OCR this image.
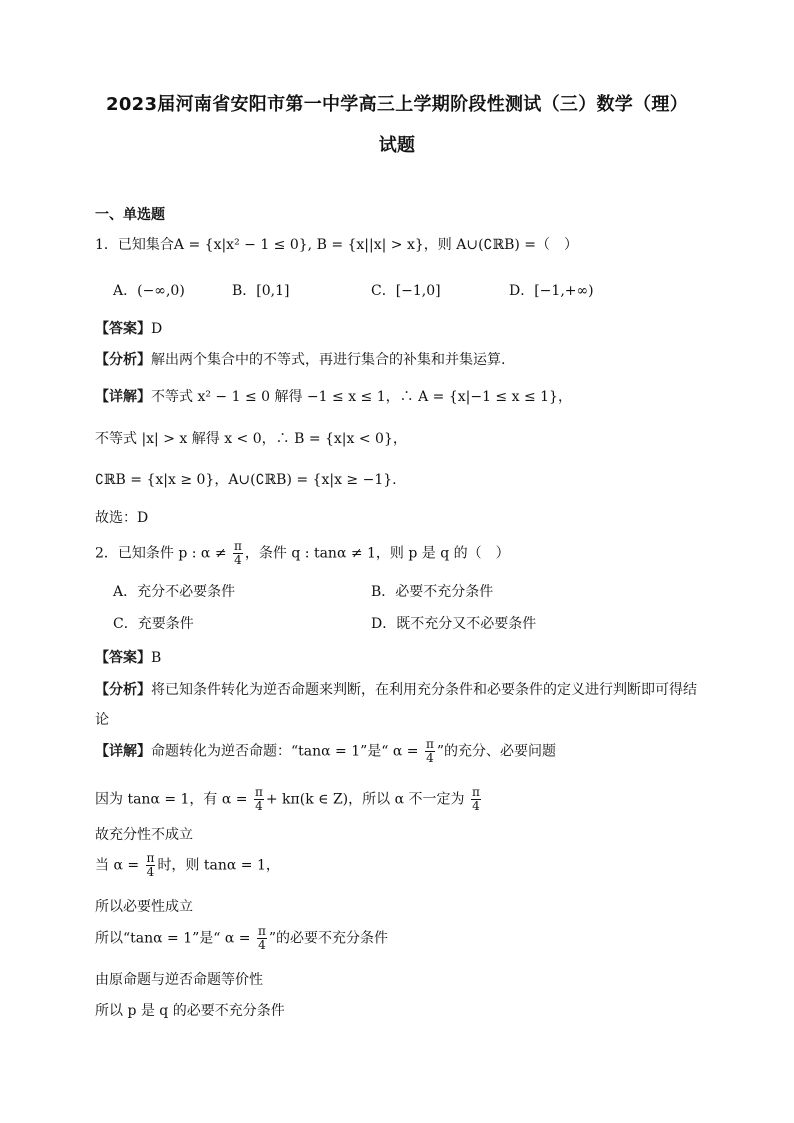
2023届河南省安阳市第一中学高三上学期阶段性测试（三）数学（理）
试题
一、单选题
1．已知集合A = {x|x² − 1 ≤ 0}, B = {x||x| > x}，则 A∪(∁ℝB) =（　）
A．(−∞,0)	B．[0,1]	C．[−1,0]	D．[−1,+∞)
【答案】D
【分析】解出两个集合中的不等式，再进行集合的补集和并集运算.
【详解】不等式 x² − 1 ≤ 0 解得 −1 ≤ x ≤ 1，∴ A = {x|−1 ≤ x ≤ 1}，
不等式 |x| > x 解得 x < 0，∴ B = {x|x < 0}，
∁ℝB = {x|x ≥ 0}，A∪(∁ℝB) = {x|x ≥ −1}.
故选：D
2．已知条件 p : $\alpha \ne \frac{\pi}{4}$ ，条件 q : tanα ≠ 1，则 p 是 q 的（　）
A．充分不必要条件	B．必要不充分条件
C．充要条件	D．既不充分又不必要条件
【答案】B
【分析】将已知条件转化为逆否命题来判断，在利用充分条件和必要条件的定义进行判断即可得结
论
【详解】命题转化为逆否命题：“tanα = 1”是“ $\alpha = \frac{\pi}{4}$ ”的充分、必要问题
因为 tanα = 1，有 $\alpha = \frac{\pi}{4} + k\pi(k$ ∈ Z)，所以 α 不一定为 $\frac{\pi}{4}$
故充分性不成立
当 $\alpha = \frac{\pi}{4}$ 时，则 tanα = 1，
所以必要性成立
所以“tanα = 1”是“ $\alpha = \frac{\pi}{4}$ ”的必要不充分条件
由原命题与逆否命题等价性
所以 p 是 q 的必要不充分条件
